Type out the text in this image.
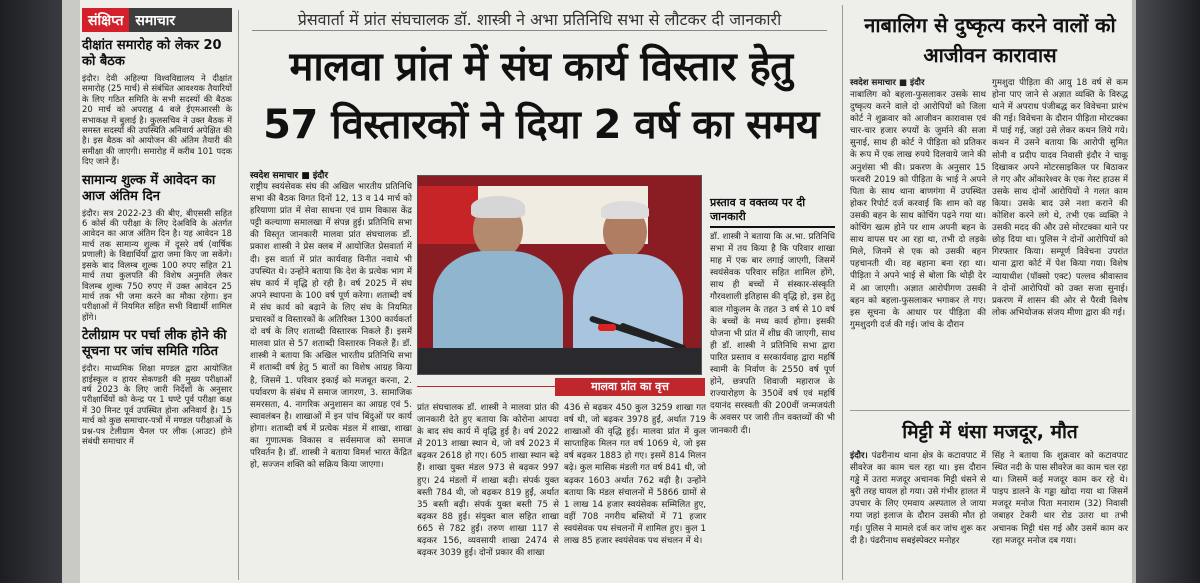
संक्षिप्त समाचार
दीक्षांत समारोह को लेकर 20 को बैठक
इंदौर। देवी अहिल्या विश्वविद्यालय ने दीक्षांत समारोह (25 मार्च) से संबंधित आवश्यक तैयारियों के लिए गठित समिति के सभी सदस्यों की बैठक 20 मार्च को अपराह्न 4 बजे ईएमआरसी के सभाकक्ष में बुलाई है। कुलसचिव ने उक्त बैठक में समस्त सदस्यों की उपस्थिति अनिवार्य अपेक्षित की है। इस बैठक को आयोजन की अंतिम तैयारी की समीक्षा की जाएगी। समारोह में करीब 101 पदक दिए जाने हैं।
सामान्य शुल्क में आवेदन का आज अंतिम दिन
इंदौर। सत्र 2022-23 की बीए, बीएससी सहित 6 कोर्स की परीक्षा के लिए देअविवि के अंतर्गत आवेदन का आज अंतिम दिन है। यह आवेदन 18 मार्च तक सामान्य शुल्क में दूसरे वर्ष (वार्षिक प्रणाली) के विद्यार्थियों द्वारा जमा किए जा सकेंगे। इसके बाद विलम्ब शुल्क 100 रुपए सहित 21 मार्च तथा कुलपति की विशेष अनुमति लेकर विलम्ब शुल्क 750 रुपए में उक्त आवेदन 25 मार्च तक भी जमा करने का मौका रहेगा। इन परीक्षाओं में नियमित सहित सभी विद्यार्थी शामिल होंगे।
टेलीग्राम पर पर्चा लीक होने की सूचना पर जांच समिति गठित
इंदौर। माध्यमिक शिक्षा मण्डल द्वारा आयोजित हाईस्कूल व हायर सेकण्डरी की मुख्य परीक्षाओं वर्ष 2023 के लिए जारी निर्देशों के अनुसार परीक्षार्थियों को केन्द्र पर 1 घण्टे पूर्व परीक्षा कक्ष में 30 मिनट पूर्व उपस्थित होना अनिवार्य है। 15 मार्च को कुछ समाचार-पत्रों में मण्डल परीक्षाओं के प्रश्न-पत्र टेलीग्राम चैनल पर लीक (आउट) होने संबंधी समाचार में
प्रेसवार्ता में प्रांत संघचालक डॉ. शास्त्री ने अभा प्रतिनिधि सभा से लौटकर दी जानकारी
मालवा प्रांत में संघ कार्य विस्तार हेतु
57 विस्तारकों ने दिया 2 वर्ष का समय
स्वदेश समाचार ■ इंदौर
राष्ट्रीय स्वयंसेवक संघ की अखिल भारतीय प्रतिनिधि सभा की बैठक विगत दिनों 12, 13 व 14 मार्च को हरियाणा प्रांत में सेवा साधना एवं ग्राम विकास केंद्र पट्टी कल्याणा समालखा में संपन्न हुई। प्रतिनिधि सभा की विस्तृत जानकारी मालवा प्रांत संघचालक डॉ. प्रकाश शास्त्री ने प्रेस क्लब में आयोजित प्रेसवार्ता में दी। इस वार्ता में प्रांत कार्यवाह विनीत नवाथे भी उपस्थित थे। उन्होंने बताया कि देश के प्रत्येक भाग में संघ कार्य में वृद्धि हो रही है। वर्ष 2025 में संघ अपने स्थापना के 100 वर्ष पूर्ण करेगा। शताब्दी वर्ष में संघ कार्य को बढ़ाने के लिए संघ के नियमित प्रचारकों व विस्तारकों के अतिरिक्त 1300 कार्यकर्ता दो वर्ष के लिए शताब्दी विस्तारक निकले हैं। इसमें मालवा प्रांत से 57 शताब्दी विस्तारक निकले हैं। डॉ. शास्त्री ने बताया कि अखिल भारतीय प्रतिनिधि सभा में शताब्दी वर्ष हेतु 5 बातों का विशेष आग्रह किया है, जिसमें 1. परिवार इकाई को मजबूत करना, 2. पर्यावरण के संबंध में समाज जागरण, 3. सामाजिक समरसता, 4. नागरिक अनुशासन का आग्रह एवं 5. स्वावलंबन है। शाखाओं में इन पांच बिंदुओं पर कार्य होगा। शताब्दी वर्ष में प्रत्येक मंडल में शाखा, शाखा का गुणात्मक विकास व सर्वसमाज को समाज परिवर्तन है। डॉ. शास्त्री ने बताया विमर्श भारत केंद्रित हो, सज्जन शक्ति को सक्रिय किया जाएगा।
मालवा प्रांत का वृत्त
प्रांत संघचालक डॉ. शास्त्री ने मालवा प्रांत की जानकारी देते हुए बताया कि कोरोना आपदा के बाद संघ कार्य में वृद्धि हुई है। वर्ष 2022 में 2013 शाखा स्थान थे, जो वर्ष 2023 में बढ़कर 2618 हो गए। 605 शाखा स्थान बढ़े हैं। शाखा युक्त मंडल 973 से बढ़कर 997 हुए। 24 मंडलों में शाखा बढ़ी। संपर्क युक्त बस्ती 784 थी, जो बढ़कर 819 हुईं, अर्थात 35 बस्ती बढ़ी। संपर्क युक्त बस्ती 75 से बढ़कर 88 हुई। संयुक्त बाल सहित शाखा 665 से 782 हुईं। तरुण शाखा 117 से बढ़कर 156, व्यवसायी शाखा 2474 से बढ़कर 3039 हुई। दोनों प्रकार की शाखा
436 से बढ़कर 450 कुल 3259 शाखा गत वर्ष थी, जो बढ़कर 3978 हुईं, अर्थात 719 शाखाओं की वृद्धि हुई। मालवा प्रांत में कुल साप्ताहिक मिलन गत वर्ष 1069 थे, जो इस वर्ष बढ़कर 1883 हो गए। इसमें 814 मिलन बढ़े। कुल मासिक मंडली गत वर्ष 841 थी, जो बढ़कर 1603 अर्थात 762 बढ़ी है। उन्होंने बताया कि मंडल संचालनों में 5866 ग्रामों से 1 लाख 14 हजार स्वयंसेवक सम्मिलित हुए, वहीं 708 नगरीय बस्तियों में 71 हजार स्वयंसेवक पथ संचलनों में शामिल हुए। कुल 1 लाख 85 हजार स्वयंसेवक पथ संचलन में थे।
प्रस्ताव व वक्तव्य पर दी जानकारी
डॉ. शास्त्री ने बताया कि अ.भा. प्रतिनिधि सभा में तय किया है कि परिवार शाखा माह में एक बार लगाई जाएगी, जिसमें स्वयंसेवक परिवार सहित शामिल होंगे, साथ ही बच्चों में संस्कार-संस्कृति गौरवशाली इतिहास की वृद्धि हो, इस हेतु बाल गोकुलम के तहत 3 वर्ष से 10 वर्ष के बच्चों के मध्य कार्य होगा। इसकी योजना भी प्रांत में शीघ्र की जाएगी, साथ ही डॉ. शास्त्री ने प्रतिनिधि सभा द्वारा पारित प्रस्ताव व सरकार्यवाह द्वारा महर्षि स्वामी के निर्वाण के 2550 वर्ष पूर्ण होने, छत्रपति शिवाजी महाराज के राज्यारोहण के 350वें वर्ष एवं महर्षि दयानंद सरस्वती की 200वीं जन्मजयंती के अवसर पर जारी तीन वक्तव्यों की भी जानकारी दी।
नाबालिग से दुष्कृत्य करने वालों को आजीवन कारावास
स्वदेश समाचार ■ इंदौर
नाबालिग को बहला-फुसलाकर उसके साथ दुष्कृत्य करने वाले दो आरोपियों को जिला कोर्ट ने शुक्रवार को आजीवन कारावास एवं चार-चार हजार रुपयों के जुर्माने की सजा सुनाई, साथ ही कोर्ट ने पीड़िता को प्रतिकर के रूप में एक लाख रुपये दिलवाये जाने की अनुशंसा भी की। प्रकरण के अनुसार 15 फरवरी 2019 को पीड़िता के भाई ने अपने पिता के साथ थाना बाणगंगा में उपस्थित होकर रिपोर्ट दर्ज करवाई कि शाम को वह उसकी बहन के साथ कोचिंग पढ़ने गया था। कोचिंग खत्म होने पर शाम अपनी बहन के साथ वापस घर आ रहा था, तभी दो लड़के मिले, जिनमें से एक को उसकी बहन पहचानती थी। वह बहाना बना रहा था। पीड़िता ने अपने भाई से बोला कि थोड़ी देर में आ जाएगी। अज्ञात आरोपीगण उसकी बहन को बहला-फुसलाकर भगाकर ले गए। इस सूचना के आधार पर पीड़िता की गुमशुदगी दर्ज की गई। जांच के दौरान
गुमशुदा पीड़िता की आयु 18 वर्ष से कम होना पाए जाने से अज्ञात व्यक्ति के विरुद्ध थाने में अपराध पंजीबद्ध कर विवेचना प्रारंभ की गई। विवेचना के दौरान पीड़िता मोरटक्का में पाई गई, जहां उसे लेकर कथन लिये गये। कथन में उसने बताया कि आरोपी सुमित सोनी व प्रदीप यादव निवासी इंदौर ने चाकू दिखाकर अपने मोटरसाइकिल पर बिठाकर ले गए और ओंकारेश्वर के एक गेस्ट हाउस में उसके साथ दोनों आरोपियों ने गलत काम किया। उसके बाद उसे नशा कराने की कोशिश करने लगे थे, तभी एक व्यक्ति ने उसकी मदद की और उसे मोरटक्का थाने पर छोड़ दिया था। पुलिस ने दोनों आरोपियों को गिरफ्तार किया। सम्पूर्ण विवेचना उपरांत थाना द्वारा कोर्ट में पेश किया गया। विशेष न्यायाधीश (पॉक्सो एक्ट) पल्लव श्रीवास्तव ने दोनों आरोपियों को उक्त सजा सुनाई। प्रकरण में शासन की ओर से पैरवी विशेष लोक अभियोजक संजय मीणा द्वारा की गई।
मिट्टी में धंसा मजदूर, मौत
इंदौर। पंढरीनाथ थाना क्षेत्र के कटावपाट में सीवरेज का काम चल रहा था। इस दौरान गड्ढे में उतरा मजदूर अचानक मिट्टी धंसने से बुरी तरह घायल हो गया। उसे गंभीर हालत में उपचार के लिए एमवाय अस्पताल ले जाया गया जहां इलाज के दौरान उसकी मौत हो गई। पुलिस ने मामले दर्ज कर जांच शुरू कर दी है। पंढरीनाथ सबइंस्पेक्टर मनोहर
सिंह ने बताया कि शुक्रवार को कटावपाट स्थित नदी के पास सीवरेज का काम चल रहा था। जिसमें कई मजदूर काम कर रहे थे। पाइप डालने के गड्ढा खोदा गया था जिसमें मजदूर मनोज पिता मनाराम (32) निवासी जबाहर टेकरी थार रोड उतरा था तभी अचानक मिट्टी धंस गई और उसमें काम कर रहा मजदूर मनोज दब गया।
